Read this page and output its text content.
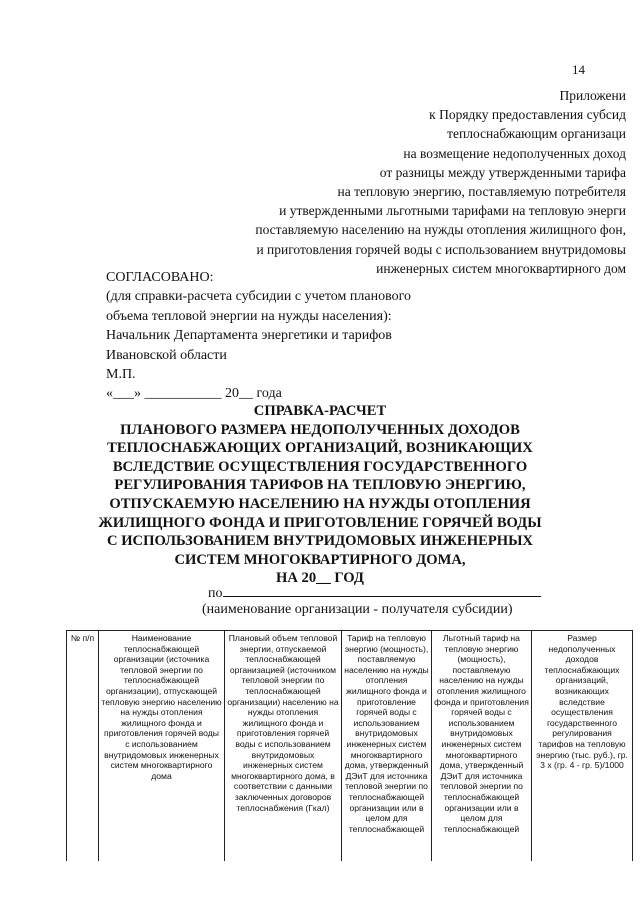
14
Приложени
к Порядку предоставления субсид
теплоснабжающим организаци
на возмещение недополученных доход
от разницы между утвержденными тарифа
на тепловую энергию, поставляемую потребителя
и утвержденными льготными тарифами на тепловую энерги
поставляемую населению на нужды отопления жилищного фон,
и приготовления горячей воды с использованием внутридомовы
инженерных систем многоквартирного дом
СОГЛАСОВАНО:
(для справки-расчета субсидии с учетом планового
объема тепловой энергии на нужды населения):
Начальник Департамента энергетики и тарифов
Ивановской области
М.П.
«___» ___________ 20__ года
СПРАВКА-РАСЧЕТ
ПЛАНОВОГО РАЗМЕРА НЕДОПОЛУЧЕННЫХ ДОХОДОВ
ТЕПЛОСНАБЖАЮЩИХ ОРГАНИЗАЦИЙ, ВОЗНИКАЮЩИХ
ВСЛЕДСТВИЕ ОСУЩЕСТВЛЕНИЯ ГОСУДАРСТВЕННОГО
РЕГУЛИРОВАНИЯ ТАРИФОВ НА ТЕПЛОВУЮ ЭНЕРГИЮ,
ОТПУСКАЕМУЮ НАСЕЛЕНИЮ НА НУЖДЫ ОТОПЛЕНИЯ
ЖИЛИЩНОГО ФОНДА И ПРИГОТОВЛЕНИЕ ГОРЯЧЕЙ ВОДЫ
С ИСПОЛЬЗОВАНИЕМ ВНУТРИДОМОВЫХ ИНЖЕНЕРНЫХ
СИСТЕМ МНОГОКВАРТИРНОГО ДОМА,
НА 20__ ГОД
по
(наименование организации - получателя субсидии)
№ п/п	Наименование теплоснабжающей организации (источника тепловой энергии по теплоснабжающей организации), отпускающей тепловую энергию населению на нужды отопления жилищного фонда и приготовления горячей воды с использованием внутридомовых инженерных систем многоквартирного дома	Плановый объем тепловой энергии, отпускаемой теплоснабжающей организацией (источником тепловой энергии по теплоснабжающей организации) населению на нужды отопления жилищного фонда и приготовления горячей воды с использованием внутридомовых инженерных систем многоквартирного дома, в соответствии с данными заключенных договоров теплоснабжения (Гкал)	Тариф на тепловую энергию (мощность), поставляемую населению на нужды отопления жилищного фонда и приготовление горячей воды с использованием внутридомовых инженерных систем многоквартирного дома, утвержденный ДЭиТ для источника тепловой энергии по теплоснабжающей организации или в целом для теплоснабжающей	Льготный тариф на тепловую энергию (мощность), поставляемую населению на нужды отопления жилищного фонда и приготовления горячей воды с использованием внутридомовых инженерных систем многоквартирного дома, утвержденный ДЭиТ для источника тепловой энергии по теплоснабжающей организации или в целом для теплоснабжающей	Размер недополученных доходов теплоснабжающих организаций, возникающих вследствие осуществления государственного регулирования тарифов на тепловую энергию (тыс. руб.), гр. 3 х (гр. 4 - гр. 5)/1000
